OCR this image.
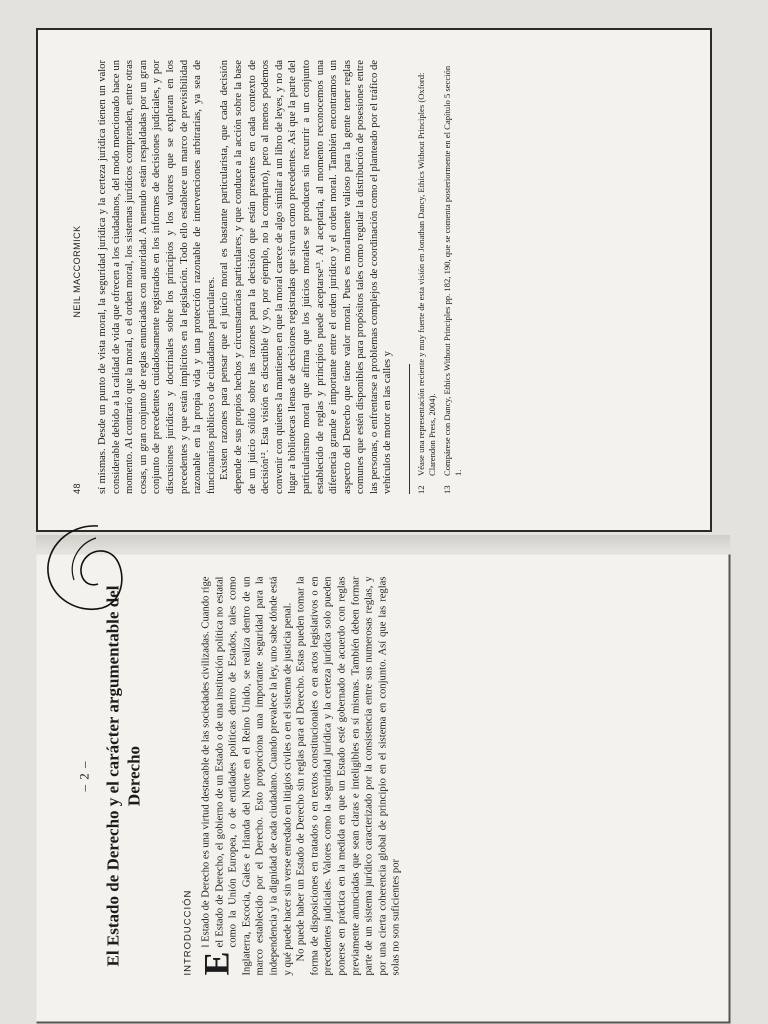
48
NEIL MACCORMICK sí mismas. Desde un punto de vista moral, la seguridad jurídica y la certeza jurídica tienen un valor considerable debido a la calidad de vida que ofrecen a los ciudadanos, del modo mencionado hace un momento. Al contrario que la moral, o el orden moral, los sistemas jurídicos comprenden, entre otras cosas, un gran conjunto de reglas enunciadas con autoridad. A menudo están respaldadas por un gran conjunto de precedentes cuidadosamente registrados en los informes de decisiones judiciales, y por discusiones jurídicas y doctrinales sobre los principios y los valores que se exploran en los precedentes y que están implícitos en la legislación. Todo ello establece un marco de previsibilidad razonable en la propia vida y una protección razonable de intervenciones arbitrarias, ya sea de funcionarios públicos o de ciudadanos particulares. Existen razones para pensar que el juicio moral es bastante particularista, que cada decisión depende de sus propios hechos y circunstancias particulares, y que conduce a la acción sobre la base de un juicio sólido sobre las razones para la decisión que están presentes en cada contexto de decisión¹². Esta visión es discutible (y yo, por ejemplo, no la comparto), pero al menos podemos convenir con quienes la mantienen en que la moral carece de algo similar a un libro de leyes, y no da lugar a bibliotecas llenas de decisiones registradas que sirvan como precedentes. Así que la parte del particularismo moral que afirma que los juicios morales se producen sin recurrir a un conjunto establecido de reglas y principios puede aceptarse¹³. Al aceptarla, al momento reconocemos una diferencia grande e importante entre el orden jurídico y el orden moral. También encontramos un aspecto del Derecho que tiene valor moral. Pues es moralmente valioso para la gente tener reglas comunes que estén disponibles para propósitos tales como regular la distribución de posesiones entre las personas, o enfrentarse a problemas complejos de coordinación como el planteado por el tráfico de vehículos de motor en las calles y	12
Véase una representación reciente y muy fuerte de esta visión en Jonathan Dancy, Ethics Without Principles (Oxford: Clarendon Press, 2004).
13
Compárese con Dancy, Ethics Without Principles pp. 182, 190, que se comenta posteriormente en el Capítulo 5 sección 1.
– 2 – El Estado de Derecho y el carácter argumentable del Derecho
INTRODUCCIÓN E
l Estado de Derecho es una virtud destacable de las sociedades civilizadas. Cuando rige el Estado de Derecho, el gobierno de un Estado o de una institución política no estatal como la Unión Europea, o de entidades políticas dentro de Estados, tales como Inglaterra, Escocia, Gales e Irlanda del Norte en el Reino Unido, se realiza dentro de un marco establecido por el Derecho. Esto proporciona una importante seguridad para la independencia y la dignidad de cada ciudadano. Cuando prevalece la ley, uno sabe dónde está y qué puede hacer sin verse enredado en litigios civiles o en el sistema de justicia penal. No puede haber un Estado de Derecho sin reglas para el Derecho. Estas pueden tomar la forma de disposiciones en tratados o en textos constitucionales o en actos legislativos o en precedentes judiciales. Valores como la seguridad jurídica y la certeza jurídica solo pueden ponerse en práctica en la medida en que un Estado esté gobernado de acuerdo con reglas previamente anunciadas que sean claras e inteligibles en sí mismas. También deben formar parte de un sistema jurídico caracterizado por la consistencia entre sus numerosas reglas, y por una cierta coherencia global de principio en el sistema en conjunto. Así que las reglas solas no son suficientes por
